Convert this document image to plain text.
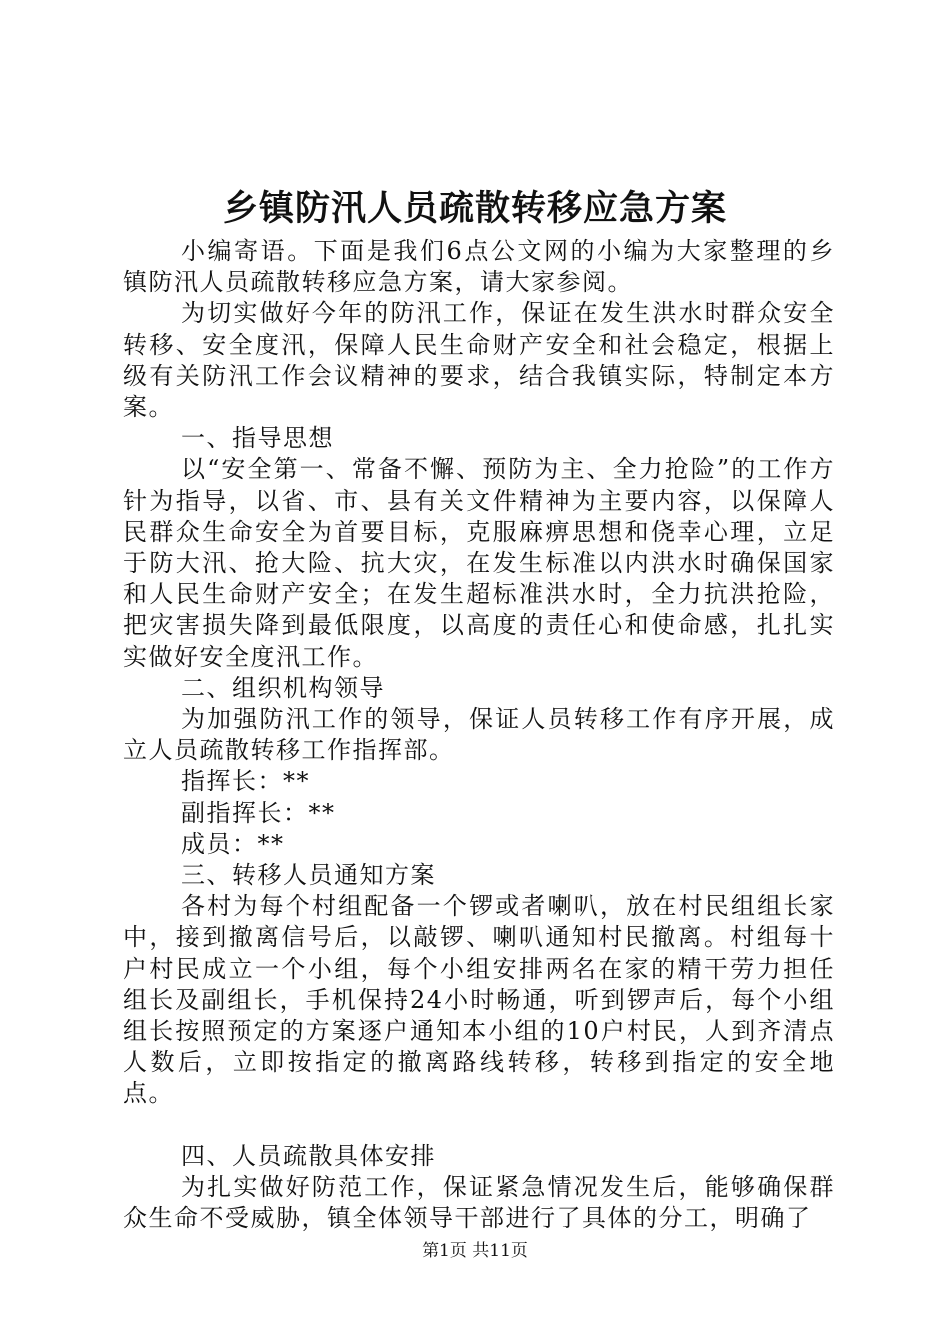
乡镇防汛人员疏散转移应急方案

小编寄语。下面是我们6点公文网的小编为大家整理的乡镇防汛人员疏散转移应急方案，请大家参阅。

为切实做好今年的防汛工作，保证在发生洪水时群众安全转移、安全度汛，保障人民生命财产安全和社会稳定，根据上级有关防汛工作会议精神的要求，结合我镇实际，特制定本方案。

一、指导思想

以“安全第一、常备不懈、预防为主、全力抢险”的工作方针为指导，以省、市、县有关文件精神为主要内容，以保障人民群众生命安全为首要目标，克服麻痹思想和侥幸心理，立足于防大汛、抢大险、抗大灾，在发生标准以内洪水时确保国家和人民生命财产安全；在发生超标准洪水时，全力抗洪抢险，把灾害损失降到最低限度，以高度的责任心和使命感，扎扎实实做好安全度汛工作。

二、组织机构领导

为加强防汛工作的领导，保证人员转移工作有序开展，成立人员疏散转移工作指挥部。

指挥长：**

副指挥长：**

成员：**

三、转移人员通知方案

各村为每个村组配备一个锣或者喇叭，放在村民组组长家中，接到撤离信号后，以敲锣、喇叭通知村民撤离。村组每十户村民成立一个小组，每个小组安排两名在家的精干劳力担任组长及副组长，手机保持24小时畅通，听到锣声后，每个小组组长按照预定的方案逐户通知本小组的10户村民，人到齐清点人数后，立即按指定的撤离路线转移，转移到指定的安全地点。

四、人员疏散具体安排

为扎实做好防范工作，保证紧急情况发生后，能够确保群众生命不受威胁，镇全体领导干部进行了具体的分工，明确了

第1页 共11页
